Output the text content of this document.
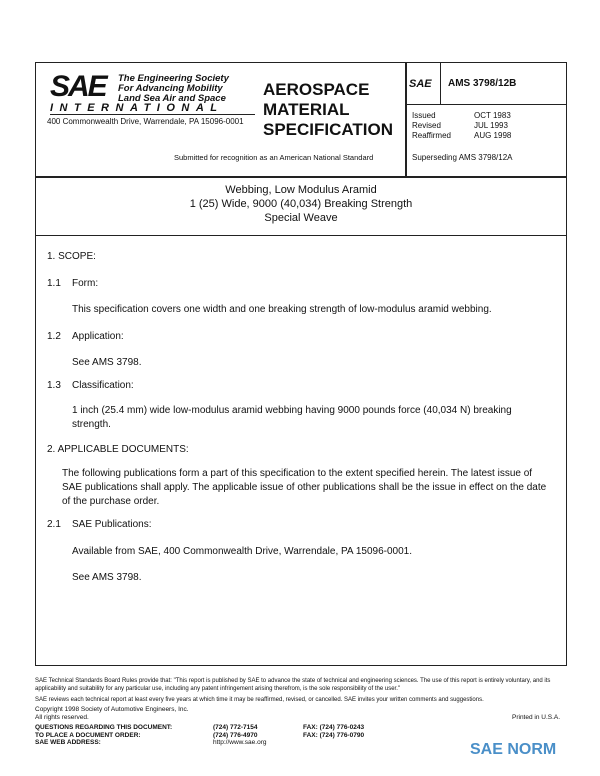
SAE The Engineering Society
For Advancing Mobility
Land Sea Air and Space
INTERNATIONAL
400 Commonwealth Drive, Warrendale, PA 15096-0001
AEROSPACE
MATERIAL
SPECIFICATION
Submitted for recognition as an American National Standard
SAE AMS 3798/12B
Issued	OCT 1983
Revised	JUL 1993
Reaffirmed	AUG 1998
Superseding AMS 3798/12A
Webbing, Low Modulus Aramid
1 (25) Wide, 9000 (40,034) Breaking Strength
Special Weave
1. SCOPE:
1.1 Form:
This specification covers one width and one breaking strength of low-modulus aramid webbing.
1.2 Application:
See AMS 3798.
1.3 Classification:
1 inch (25.4 mm) wide low-modulus aramid webbing having 9000 pounds force (40,034 N) breaking strength.
2. APPLICABLE DOCUMENTS:
The following publications form a part of this specification to the extent specified herein. The latest issue of SAE publications shall apply. The applicable issue of other publications shall be the issue in effect on the date of the purchase order.
2.1 SAE Publications:
Available from SAE, 400 Commonwealth Drive, Warrendale, PA 15096-0001.
See AMS 3798.
SAE Technical Standards Board Rules provide that: "This report is published by SAE to advance the state of technical and engineering sciences. The use of this report is entirely voluntary, and its applicability and suitability for any particular use, including any patent infringement arising therefrom, is the sole responsibility of the user."
SAE reviews each technical report at least every five years at which time it may be reaffirmed, revised, or cancelled. SAE invites your written comments and suggestions.
Copyright 1998 Society of Automotive Engineers, Inc.
All rights reserved.	Printed in U.S.A.
QUESTIONS REGARDING THIS DOCUMENT:	(724) 772-7154	FAX: (724) 776-0243
TO PLACE A DOCUMENT ORDER:	(724) 776-4970	FAX: (724) 776-0790
SAE WEB ADDRESS:	http://www.sae.org	SAE NORM
